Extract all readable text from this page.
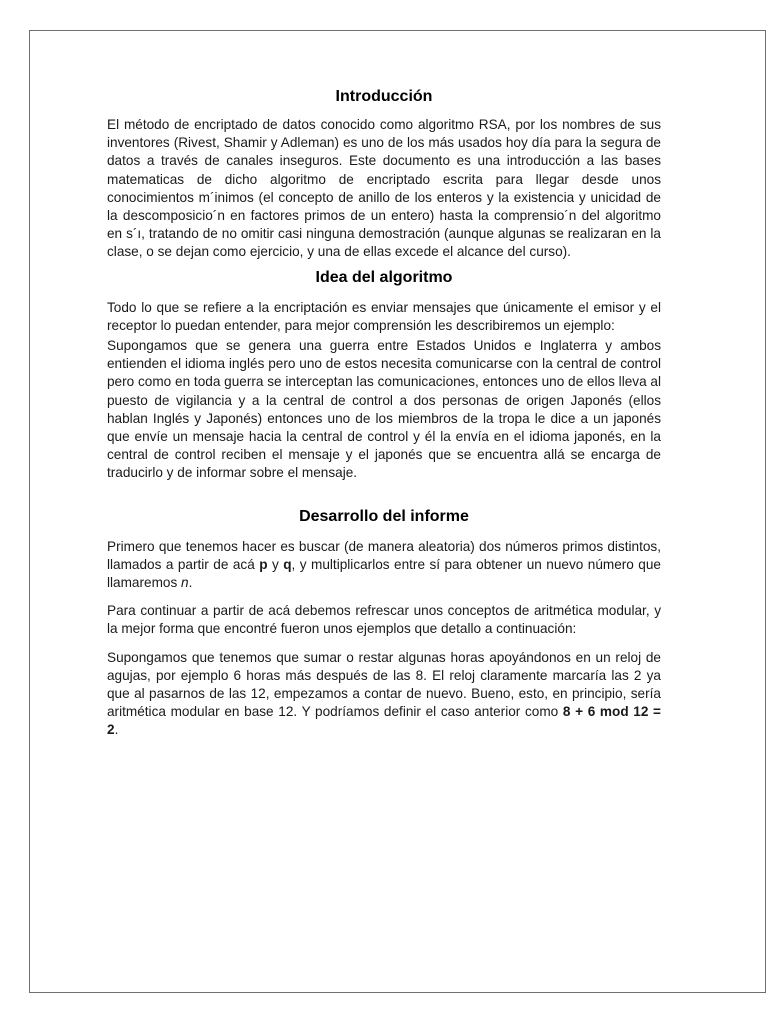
Introducción

El método de encriptado de datos conocido como algoritmo RSA, por los nombres de sus inventores (Rivest, Shamir y Adleman) es uno de los más usados hoy día para la segura de datos a través de canales inseguros. Este documento es una introducción a las bases matematicas de dicho algoritmo de encriptado escrita para llegar desde unos conocimientos m´inimos (el concepto de anillo de los enteros y la existencia y unicidad de la descomposicio´n en factores primos de un entero) hasta la comprensio´n del algoritmo en s´ı, tratando de no omitir casi ninguna demostración (aunque algunas se realizaran en la clase, o se dejan como ejercicio, y una de ellas excede el alcance del curso).

Idea del algoritmo

Todo lo que se refiere a la encriptación es enviar mensajes que únicamente el emisor y el receptor lo puedan entender, para mejor comprensión les describiremos un ejemplo:

Supongamos que se genera una guerra entre Estados Unidos e Inglaterra y ambos entienden el idioma inglés pero uno de estos necesita comunicarse con la central de control pero como en toda guerra se interceptan las comunicaciones, entonces uno de ellos lleva al puesto de vigilancia y a la central de control a dos personas de origen Japonés (ellos hablan Inglés y Japonés) entonces uno de los miembros de la tropa le dice a un japonés que envíe un mensaje hacia la central de control y él la envía en el idioma japonés, en la central de control reciben el mensaje y el japonés que se encuentra allá se encarga de traducirlo y de informar sobre el mensaje.

Desarrollo del informe

Primero que tenemos hacer es buscar (de manera aleatoria) dos números primos distintos, llamados a partir de acá p y q, y multiplicarlos entre sí para obtener un nuevo número que llamaremos n.

Para continuar a partir de acá debemos refrescar unos conceptos de aritmética modular, y la mejor forma que encontré fueron unos ejemplos que detallo a continuación:

Supongamos que tenemos que sumar o restar algunas horas apoyándonos en un reloj de agujas, por ejemplo 6 horas más después de las 8. El reloj claramente marcaría las 2 ya que al pasarnos de las 12, empezamos a contar de nuevo. Bueno, esto, en principio, sería aritmética modular en base 12. Y podríamos definir el caso anterior como 8 + 6 mod 12 = 2.
